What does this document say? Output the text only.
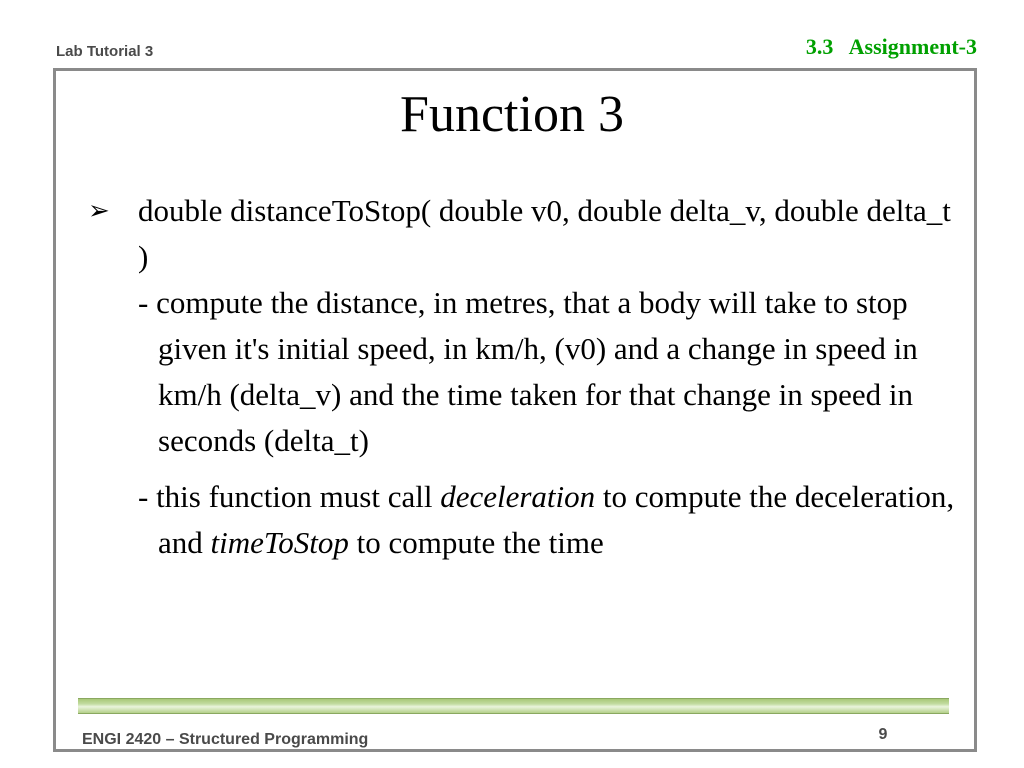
Lab Tutorial 3	3.3   Assignment-3
Function 3
➢ double distanceToStop( double v0, double delta_v, double delta_t )
- compute the distance, in metres, that a body will take to stop given it's initial speed, in km/h, (v0) and a change in speed in km/h (delta_v) and the time taken for that change in speed in seconds (delta_t)
- this function must call deceleration to compute the deceleration, and timeToStop to compute the time
ENGI 2420 – Structured Programming	9
